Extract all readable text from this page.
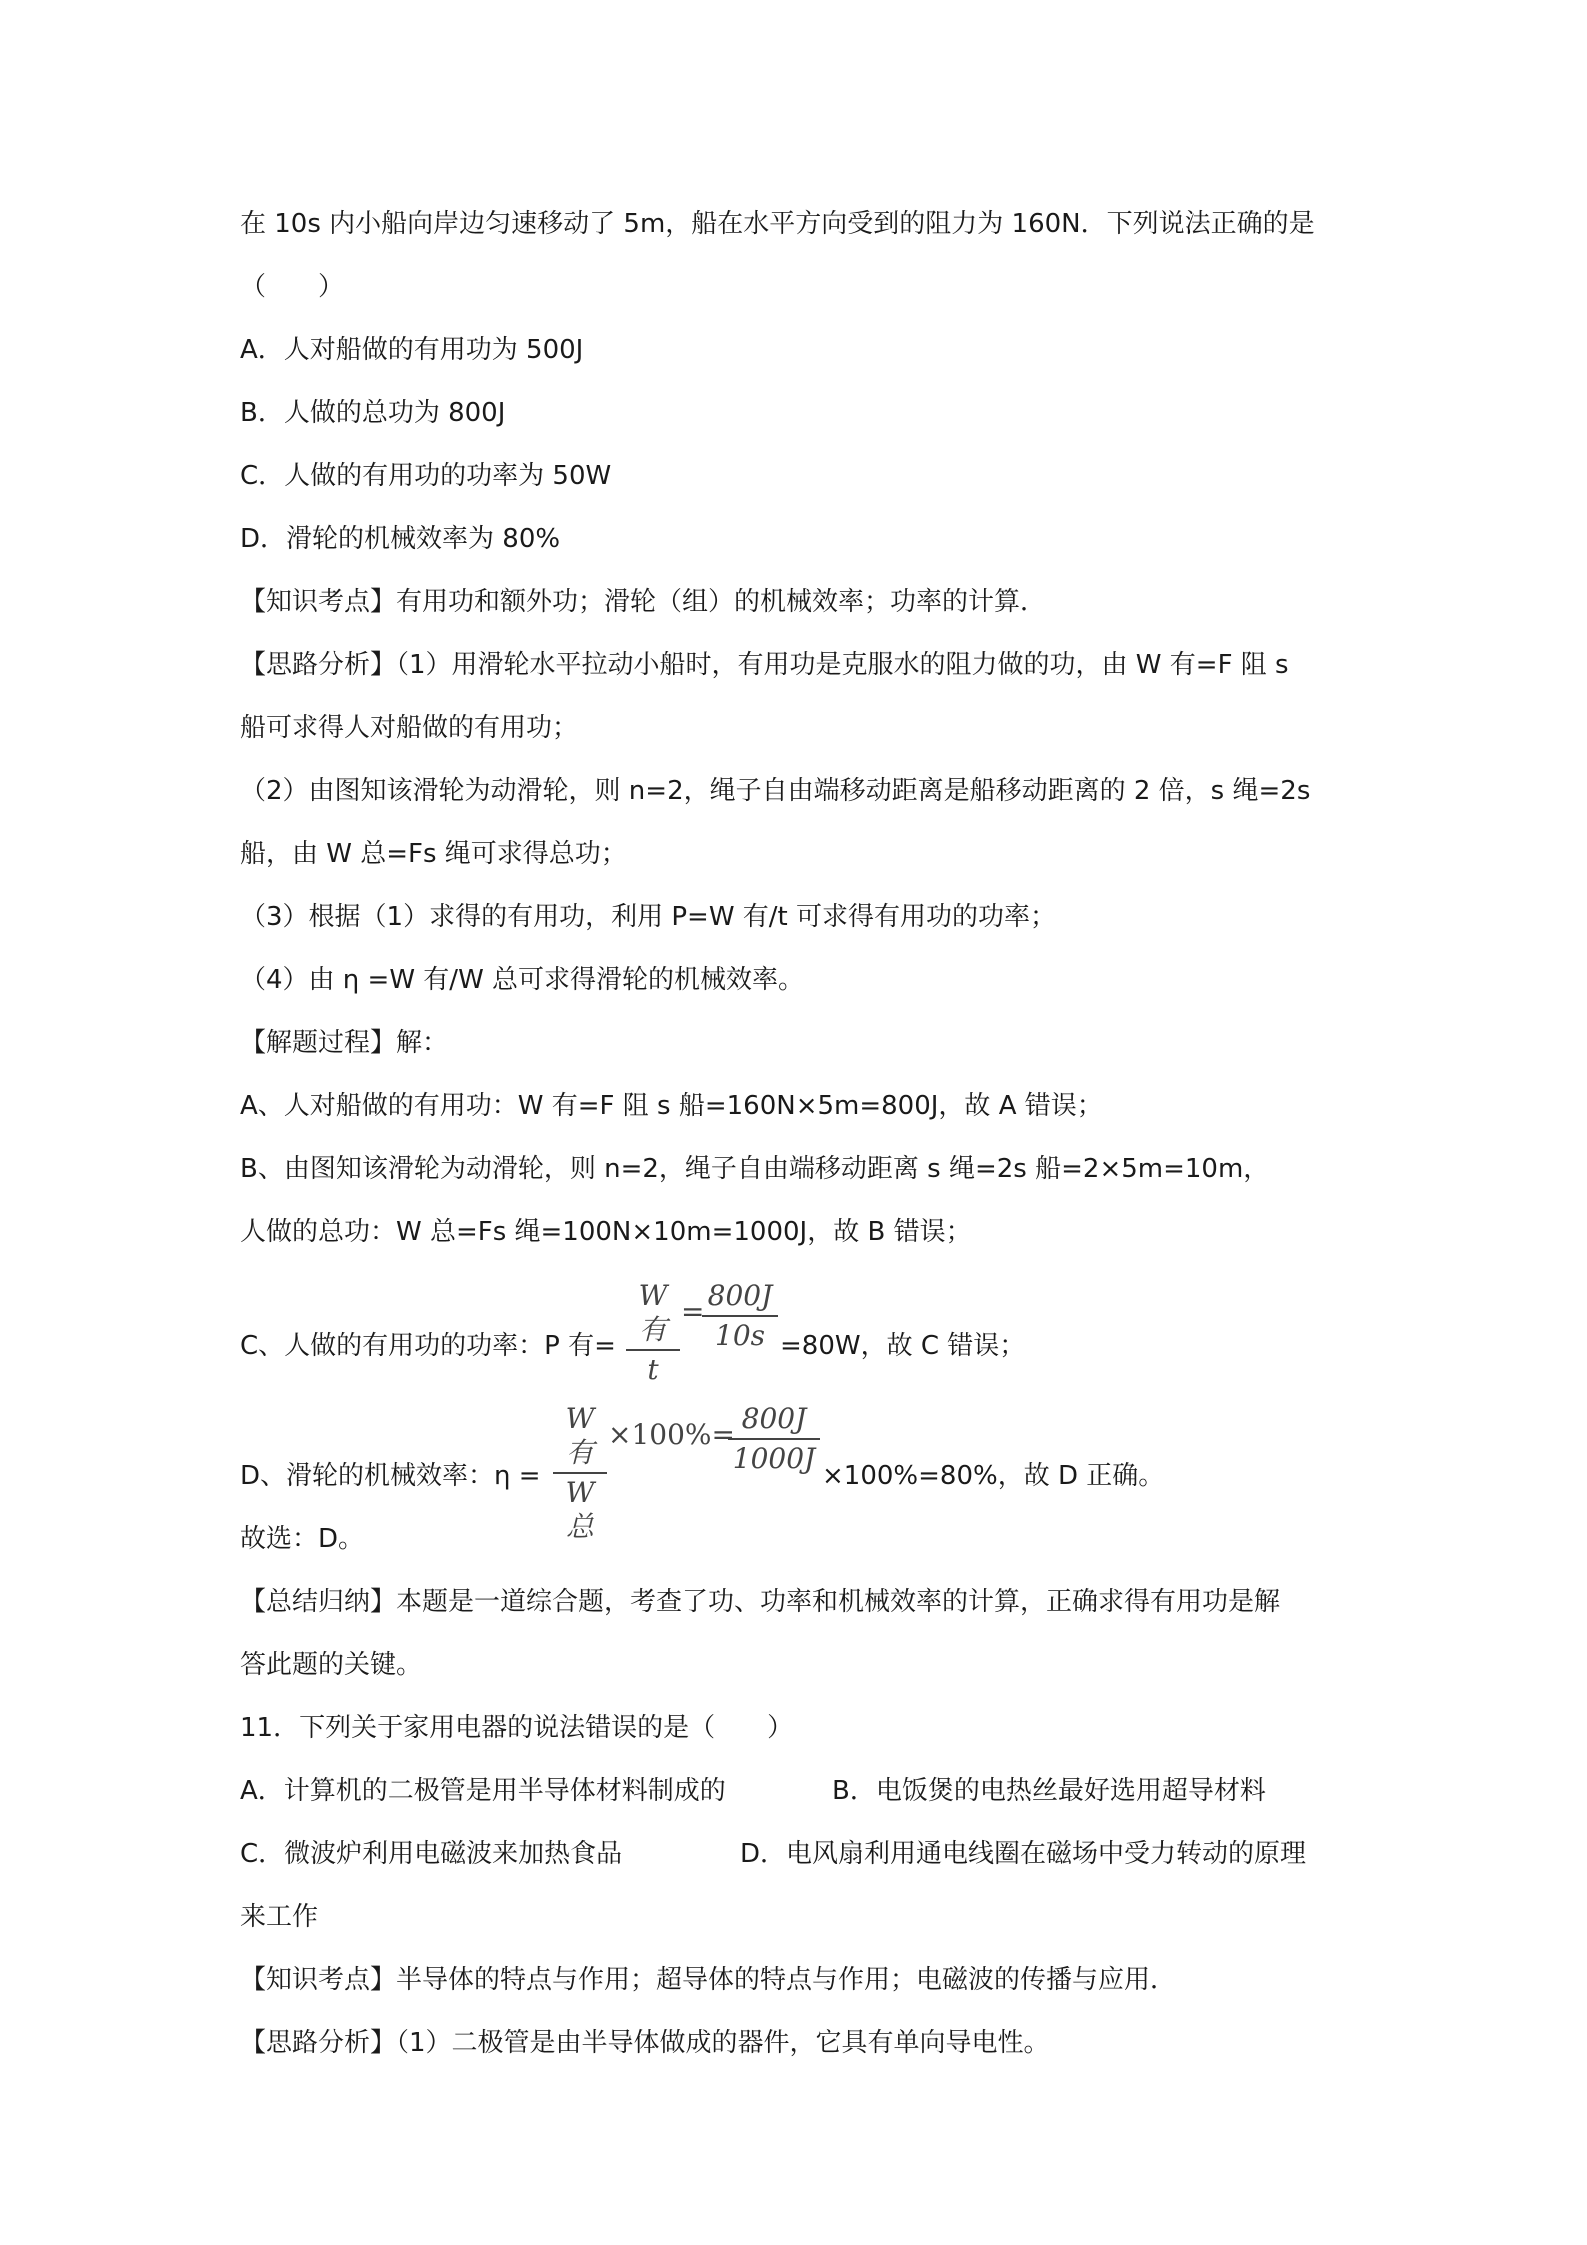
在 10s 内小船向岸边匀速移动了 5m，船在水平方向受到的阻力为 160N．下列说法正确的是
（　　）
A．人对船做的有用功为 500J
B．人做的总功为 800J
C．人做的有用功的功率为 50W
D．滑轮的机械效率为 80%
【知识考点】有用功和额外功；滑轮（组）的机械效率；功率的计算．
【思路分析】（1）用滑轮水平拉动小船时，有用功是克服水的阻力做的功，由 W 有=F 阻 s
船可求得人对船做的有用功；
（2）由图知该滑轮为动滑轮，则 n=2，绳子自由端移动距离是船移动距离的 2 倍，s 绳=2s
船，由 W 总=Fs 绳可求得总功；
（3）根据（1）求得的有用功，利用 P=W 有/t 可求得有用功的功率；
（4）由 η =W 有/W 总可求得滑轮的机械效率。
【解题过程】解：
A、人对船做的有用功：W 有=F 阻 s 船=160N×5m=800J，故 A 错误；
B、由图知该滑轮为动滑轮，则 n=2，绳子自由端移动距离 s 绳=2s 船=2×5m=10m，
人做的总功：W 总=Fs 绳=100N×10m=1000J，故 B 错误；
C、人做的有用功的功率：P 有=
W有
t
= 800J
10s =80W，故 C 错误；
D、滑轮的机械效率：η =
W有
W总
×100%= 800J
1000J
×100%=80%，故 D 正确。
故选：D。
【总结归纳】本题是一道综合题，考查了功、功率和机械效率的计算，正确求得有用功是解
答此题的关键。
11．下列关于家用电器的说法错误的是（　　）
A．计算机的二极管是用半导体材料制成的	B．电饭煲的电热丝最好选用超导材料
C．微波炉利用电磁波来加热食品	D．电风扇利用通电线圈在磁场中受力转动的原理
来工作
【知识考点】半导体的特点与作用；超导体的特点与作用；电磁波的传播与应用．
【思路分析】（1）二极管是由半导体做成的器件，它具有单向导电性。
